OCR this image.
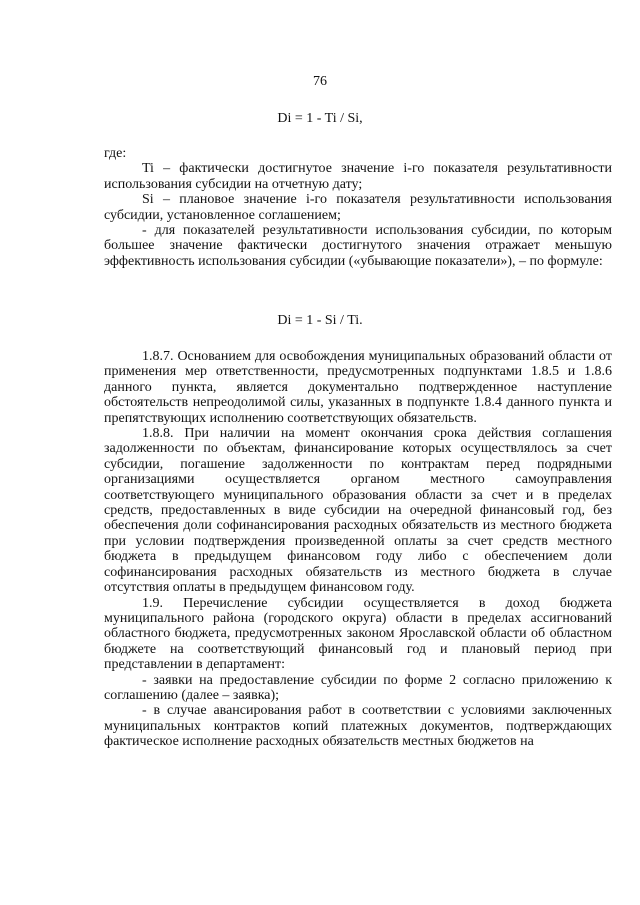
76
Di = 1 - Ti / Si,

где:

Ti – фактически достигнутое значение i-го показателя результативности использования субсидии на отчетную дату;

Si – плановое значение i-го показателя результативности использования субсидии, установленное соглашением;

- для показателей результативности использования субсидии, по которым большее значение фактически достигнутого значения отражает меньшую эффективность использования субсидии («убывающие показатели»), – по формуле:

Di = 1 - Si / Ti.

1.8.7. Основанием для освобождения муниципальных образований области от применения мер ответственности, предусмотренных подпунктами 1.8.5 и 1.8.6 данного пункта, является документально подтвержденное наступление обстоятельств непреодолимой силы, указанных в подпункте 1.8.4 данного пункта и препятствующих исполнению соответствующих обязательств.

1.8.8. При наличии на момент окончания срока действия соглашения задолженности по объектам, финансирование которых осуществлялось за счет субсидии, погашение задолженности по контрактам перед подрядными организациями осуществляется органом местного самоуправления соответствующего муниципального образования области за счет и в пределах средств, предоставленных в виде субсидии на очередной финансовый год, без обеспечения доли софинансирования расходных обязательств из местного бюджета при условии подтверждения произведенной оплаты за счет средств местного бюджета в предыдущем финансовом году либо с обеспечением доли софинансирования расходных обязательств из местного бюджета в случае отсутствия оплаты в предыдущем финансовом году.

1.9. Перечисление субсидии осуществляется в доход бюджета муниципального района (городского округа) области в пределах ассигнований областного бюджета, предусмотренных законом Ярославской области об областном бюджете на соответствующий финансовый год и плановый период при представлении в департамент:

- заявки на предоставление субсидии по форме 2 согласно приложению к соглашению (далее – заявка);

- в случае авансирования работ в соответствии с условиями заключенных муниципальных контрактов копий платежных документов, подтверждающих фактическое исполнение расходных обязательств местных бюджетов на
